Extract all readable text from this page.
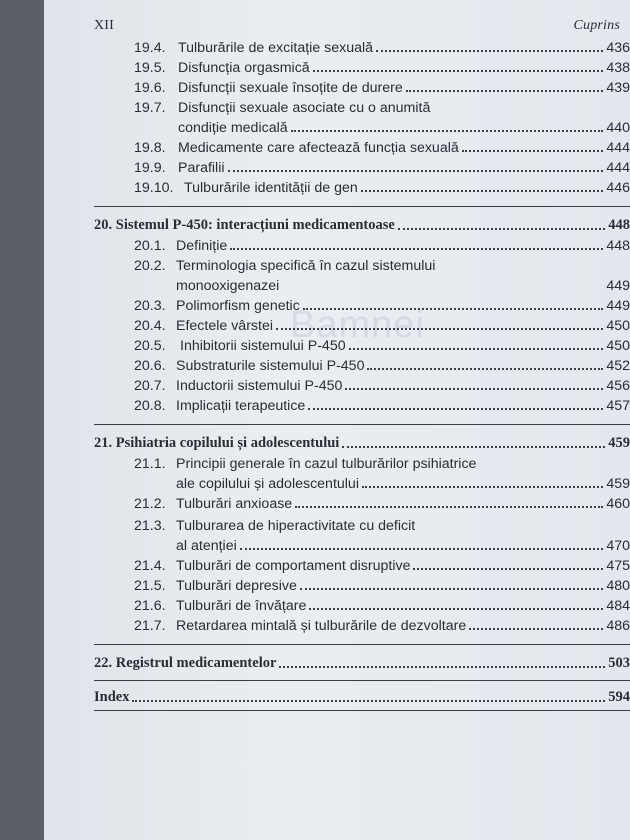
XII	Cuprins
Bamnei
19.4. Tulburările de excitație sexuală	436
19.5. Disfuncția orgasmică	438
19.6. Disfuncții sexuale însoțite de durere	439
19.7. Disfuncții sexuale asociate cu o anumită
condiție medicală	440
19.8. Medicamente care afectează funcția sexuală	444
19.9. Parafilii	444
19.10. Tulburările identității de gen	446
20. Sistemul P-450: interacțiuni medicamentoase	448
20.1. Definiție	448
20.2. Terminologia specifică în cazul sistemului
monooxigenazei	449
20.3. Polimorfism genetic	449
20.4. Efectele vârstei	450
20.5.	Inhibitorii sistemului P-450	450
20.6. Substraturile sistemului P-450	452
20.7. Inductorii sistemului P-450	456
20.8. Implicații terapeutice	457
21. Psihiatria copilului și adolescentului	459
21.1. Principii generale în cazul tulburărilor psihiatrice
ale copilului și adolescentului	459
21.2. Tulburări anxioase	460
21.3. Tulburarea de hiperactivitate cu deficit
al atenției	470
21.4. Tulburări de comportament disruptive	475
21.5. Tulburări depresive	480
21.6. Tulburări de învățare	484
21.7. Retardarea mintală și tulburările de dezvoltare	486
22. Registrul medicamentelor	503
Index	594
